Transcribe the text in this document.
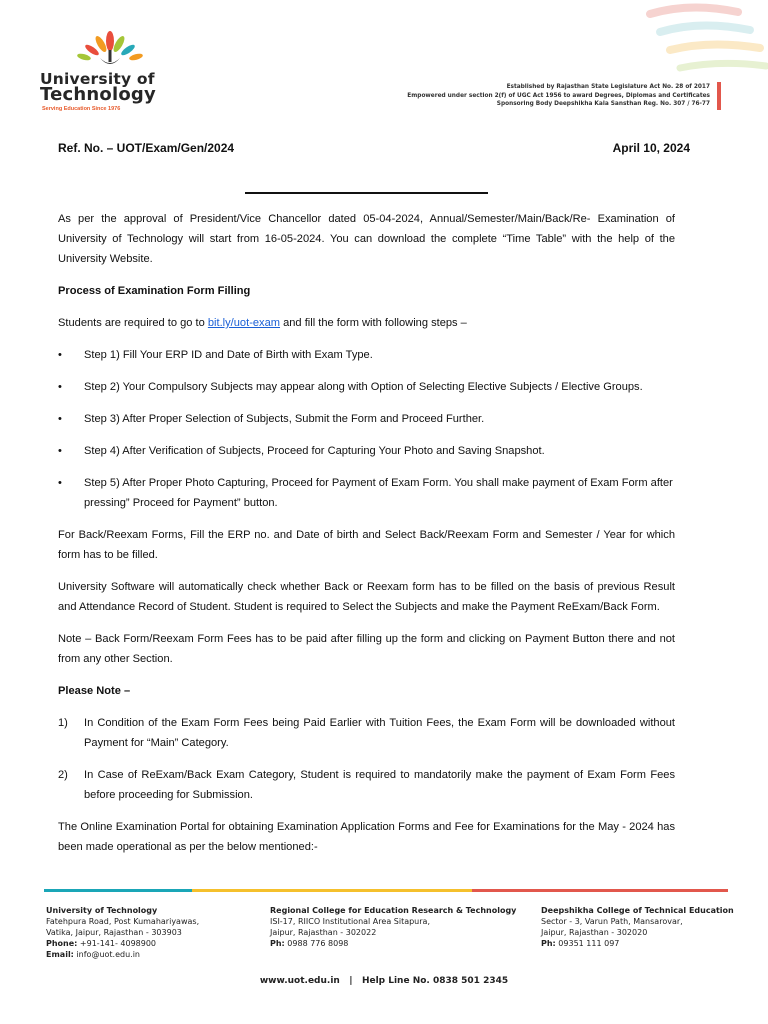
University of
Technology
Serving Education Since 1976
Established by Rajasthan State Legislature Act No. 28 of 2017
Empowered under section 2(f) of UGC Act 1956 to award Degrees, Diplomas and Certificates
Sponsoring Body Deepshikha Kala Sansthan Reg. No. 307 / 76-77
Ref. No. – UOT/Exam/Gen/2024	April 10, 2024

As per the approval of President/Vice Chancellor dated 05-04-2024, Annual/Semester/Main/Back/Re- Examination of University of Technology will start from 16-05-2024. You can download the complete “Time Table” with the help of the University Website.

Process of Examination Form Filling

Students are required to go to bit.ly/uot-exam and fill the form with following steps –

• Step 1) Fill Your ERP ID and Date of Birth with Exam Type.
• Step 2) Your Compulsory Subjects may appear along with Option of Selecting Elective Subjects / Elective Groups.
• Step 3) After Proper Selection of Subjects, Submit the Form and Proceed Further.
• Step 4) After Verification of Subjects, Proceed for Capturing Your Photo and Saving Snapshot.
• Step 5) After Proper Photo Capturing, Proceed for Payment of Exam Form. You shall make payment of Exam Form after pressing” Proceed for Payment” button.

For Back/Reexam Forms, Fill the ERP no. and Date of birth and Select Back/Reexam Form and Semester / Year for which form has to be filled.

University Software will automatically check whether Back or Reexam form has to be filled on the basis of previous Result and Attendance Record of Student. Student is required to Select the Subjects and make the Payment ReExam/Back Form.

Note – Back Form/Reexam Form Fees has to be paid after filling up the form and clicking on Payment Button there and not from any other Section.

Please Note –

1) In Condition of the Exam Form Fees being Paid Earlier with Tuition Fees, the Exam Form will be downloaded without Payment for “Main” Category.
2) In Case of ReExam/Back Exam Category, Student is required to mandatorily make the payment of Exam Form Fees before proceeding for Submission.

The Online Examination Portal for obtaining Examination Application Forms and Fee for Examinations for the May - 2024 has been made operational as per the below mentioned:-

University of Technology
Fatehpura Road, Post Kumahariyawas,
Vatika, Jaipur, Rajasthan - 303903
Phone: +91-141- 4098900
Email: info@uot.edu.in
Regional College for Education Research & Technology
ISI-17, RIICO Institutional Area Sitapura,
Jaipur, Rajasthan - 302022
Ph: 0988 776 8098
Deepshikha College of Technical Education
Sector - 3, Varun Path, Mansarovar,
Jaipur, Rajasthan - 302020
Ph: 09351 111 097
www.uot.edu.in | Help Line No. 0838 501 2345
